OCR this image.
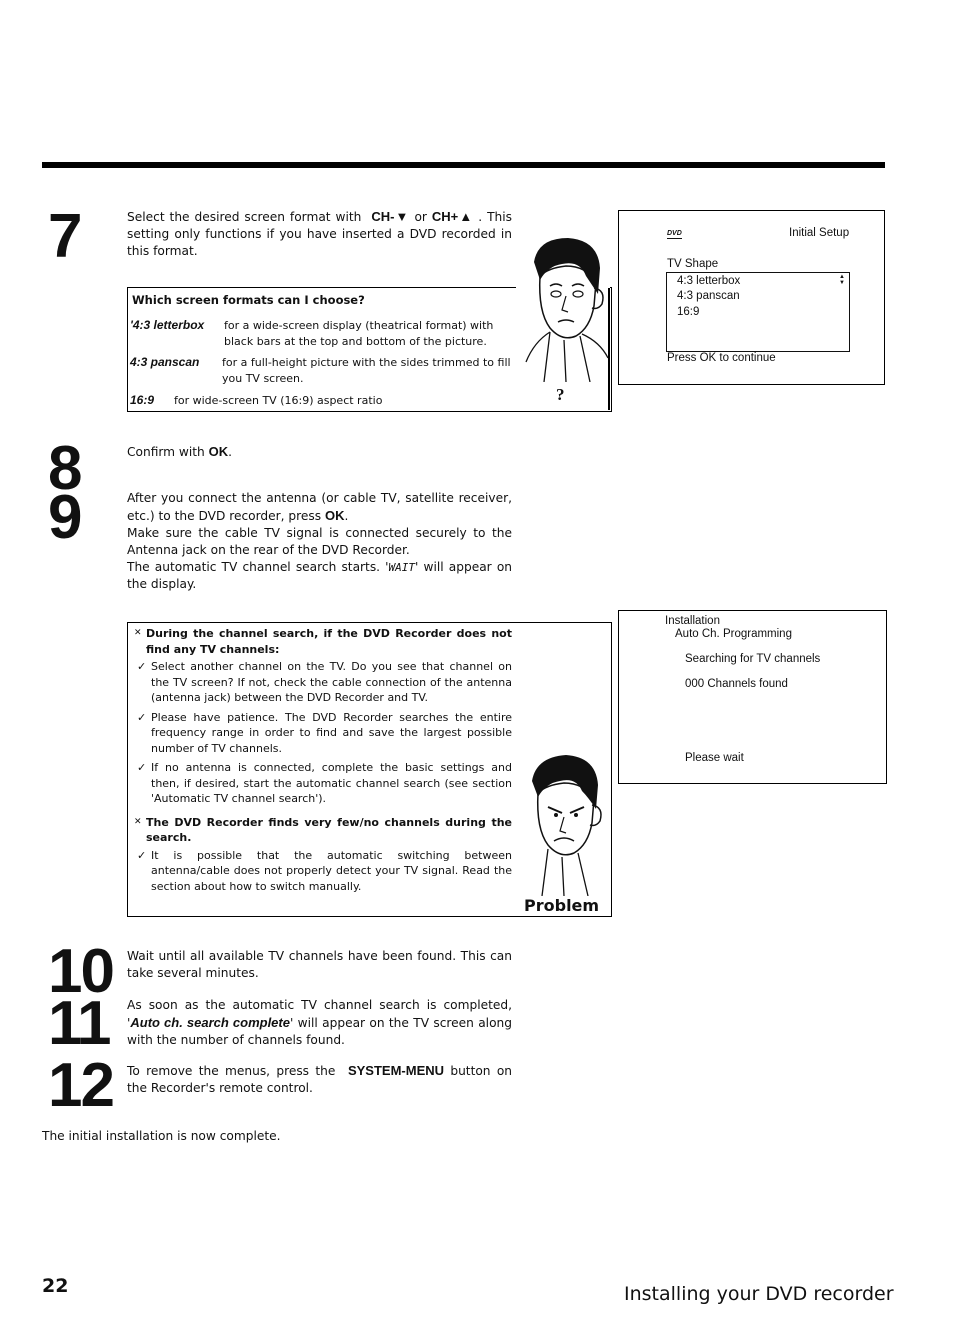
7	Select the desired screen format with CH-▼ or CH+▲ . This setting only functions if you have inserted a DVD recorded in this format.
Which screen formats can I choose?
'4:3 letterbox for a wide-screen display (theatrical format) with black bars at the top and bottom of the picture.
4:3 panscan for a full-height picture with the sides trimmed to fill you TV screen.
16:9 for wide-screen TV (16:9) aspect ratio	?
DVD	Initial Setup
TV Shape
4:3 letterbox
4:3 panscan
16:9
▲
▼
Press OK to continue
8
9
Confirm with OK.
After you connect the antenna (or cable TV, satellite receiver, etc.) to the DVD recorder, press OK.
Make sure the cable TV signal is connected securely to the Antenna jack on the rear of the DVD Recorder.
The automatic TV channel search starts. 'WAIT' will appear on the display.
✕ During the channel search, if the DVD Recorder does not find any TV channels:
✓ Select another channel on the TV. Do you see that channel on the TV screen? If not, check the cable connection of the antenna (antenna jack) between the DVD Recorder and TV.
✓ Please have patience. The DVD Recorder searches the entire frequency range in order to find and save the largest possible number of TV channels.
✓ If no antenna is connected, complete the basic settings and then, if desired, start the automatic channel search (see section 'Automatic TV channel search').
✕ The DVD Recorder finds very few/no channels during the search.
✓ It is possible that the automatic switching between antenna/cable does not properly detect your TV signal. Read the section about how to switch manually.
Problem
Installation
Auto Ch. Programming
Searching for TV channels
000 Channels found
Please wait
10
11
12
Wait until all available TV channels have been found. This can take several minutes.
As soon as the automatic TV channel search is completed, 'Auto ch. search complete' will appear on the TV screen along with the number of channels found.
To remove the menus, press the SYSTEM-MENU button on the Recorder's remote control.
The initial installation is now complete.
22	Installing your DVD recorder
